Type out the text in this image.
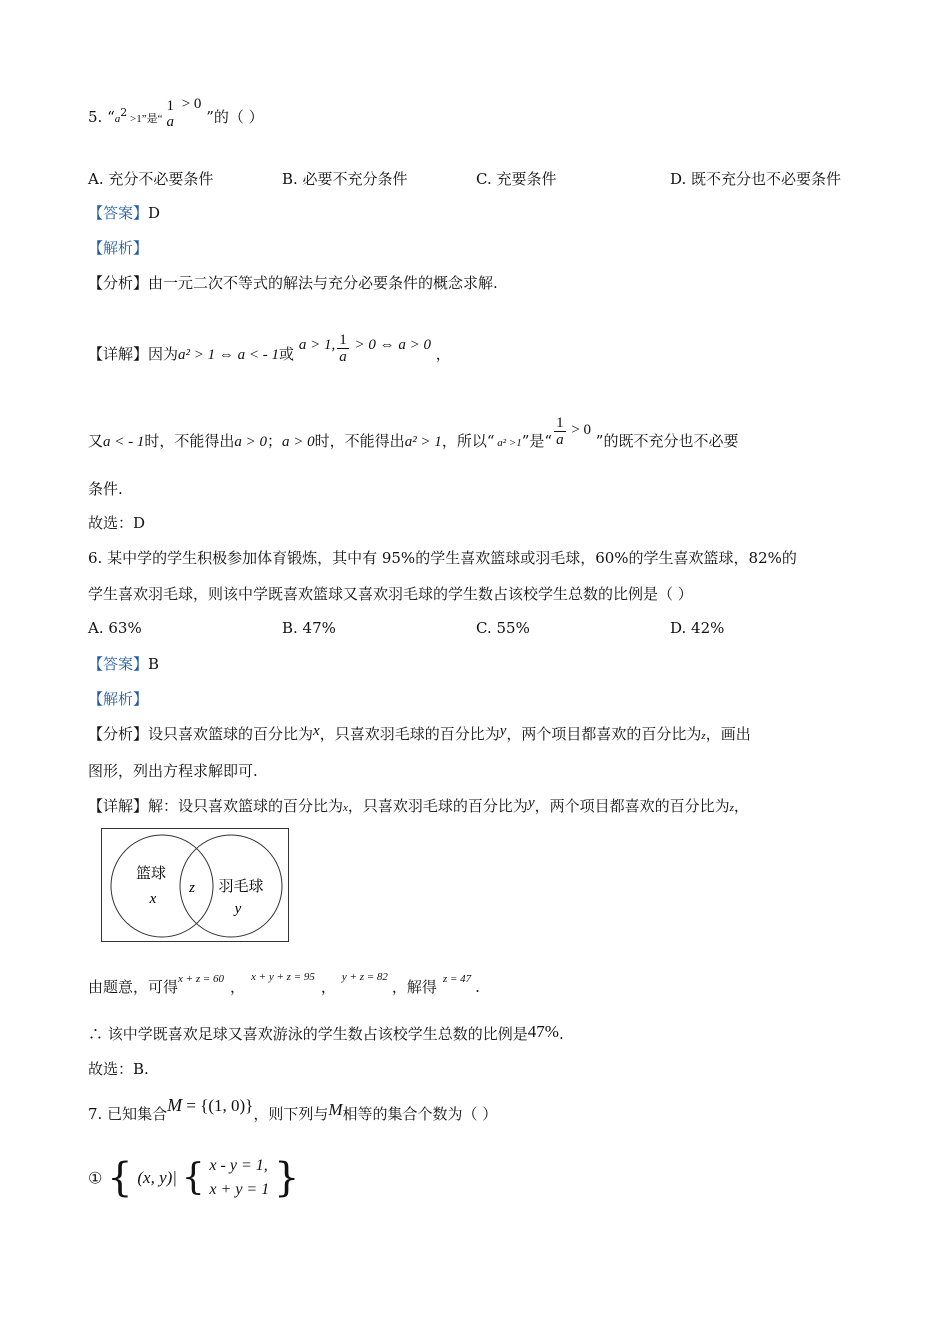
5. “$a^2 >1$”是“
1
a
> 0 ”的（ ）
A. 充分不必要条件	B. 必要不充分条件	C. 充要条件	D. 既不充分也不必要条件
【答案】D
【解析】
【分析】由一元二次不等式的解法与充分必要条件的概念求解.
【详解】因为a² > 1 ⇔ a < - 1或 a > 1, $\frac{1}{a} > 0$ ⇔ a > 0 ，
又a < - 1时，不能得出a > 0；a > 0时，不能得出a² > 1，所以“ a² >1”是“ $\frac{1}{a} > 0$ ”的既不充分也不必要
条件.
故选：D
6. 某中学的学生积极参加体育锻炼，其中有 95%的学生喜欢篮球或羽毛球，60%的学生喜欢篮球，82%的
学生喜欢羽毛球，则该中学既喜欢篮球又喜欢羽毛球的学生数占该校学生总数的比例是（ ）
A. 63%	B. 47%	C. 55%	D. 42%
【答案】B
【解析】
【分析】设只喜欢篮球的百分比为x，只喜欢羽毛球的百分比为y，两个项目都喜欢的百分比为z，画出
图形，列出方程求解即可.
【详解】解：设只喜欢篮球的百分比为x，只喜欢羽毛球的百分比为y，两个项目都喜欢的百分比为z，
篮球
x
z 羽毛球
y
由题意，可得$^{x + z = 60}$ ，$^{x + y + z = 95}$，$^{y + z = 82}$，解得 $^{z = 47}$ .
∴ 该中学既喜欢足球又喜欢游泳的学生数占该校学生总数的比例是47%.
故选：B.
7. 已知集合M = {(1, 0)}，则下列与M相等的集合个数为（ ）
① { (x, y)| { x - y = 1,
x + y = 1 }
